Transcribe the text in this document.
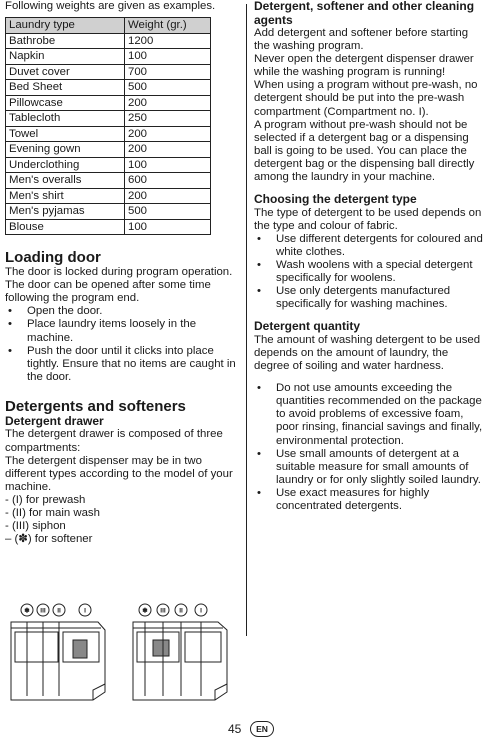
Following weights are given as examples.

Laundry type	Weight (gr.)
Bathrobe	1200
Napkin	100
Duvet cover	700
Bed Sheet	500
Pillowcase	200
Tablecloth	250
Towel	200
Evening gown	200
Underclothing	100
Men's overalls	600
Men's shirt	200
Men's pyjamas	500
Blouse	100
Loading door

The door is locked during program operation. The door can be opened after some time following the program end.

• Open the door.
• Place laundry items loosely in the machine.
• Push the door until it clicks into place tightly. Ensure that no items are caught in the door.
Detergents and softeners
Detergent drawer

The detergent drawer is composed of three compartments:

The detergent dispenser may be in two different types according to the model of your machine.

- (I) for prewash

- (II) for main wash

- (III) siphon

– (✽) for softener

✽ III II	I	✽ III II	I
Detergent, softener and other cleaning agents

Add detergent and softener before starting the washing program.

Never open the detergent dispenser drawer while the washing program is running!

When using a program without pre-wash, no detergent should be put into the pre-wash compartment (Compartment no. I).

A program without pre-wash should not be selected if a detergent bag or a dispensing ball is going to be used. You can place the detergent bag or the dispensing ball directly among the laundry in your machine.

Choosing the detergent type

The type of detergent to be used depends on the type and colour of fabric.

• Use different detergents for coloured and white clothes.
• Wash woolens with a special detergent specifically for woolens.
• Use only detergents manufactured specifically for washing machines.
Detergent quantity

The amount of washing detergent to be used depends on the amount of laundry, the degree of soiling and water hardness.

• Do not use amounts exceeding the quantities recommended on the package to avoid problems of excessive foam, poor rinsing, financial savings and finally, environmental protection.
• Use small amounts of detergent at a suitable measure for small amounts of laundry or for only slightly soiled laundry.
• Use exact measures for highly concentrated detergents.
45	EN
